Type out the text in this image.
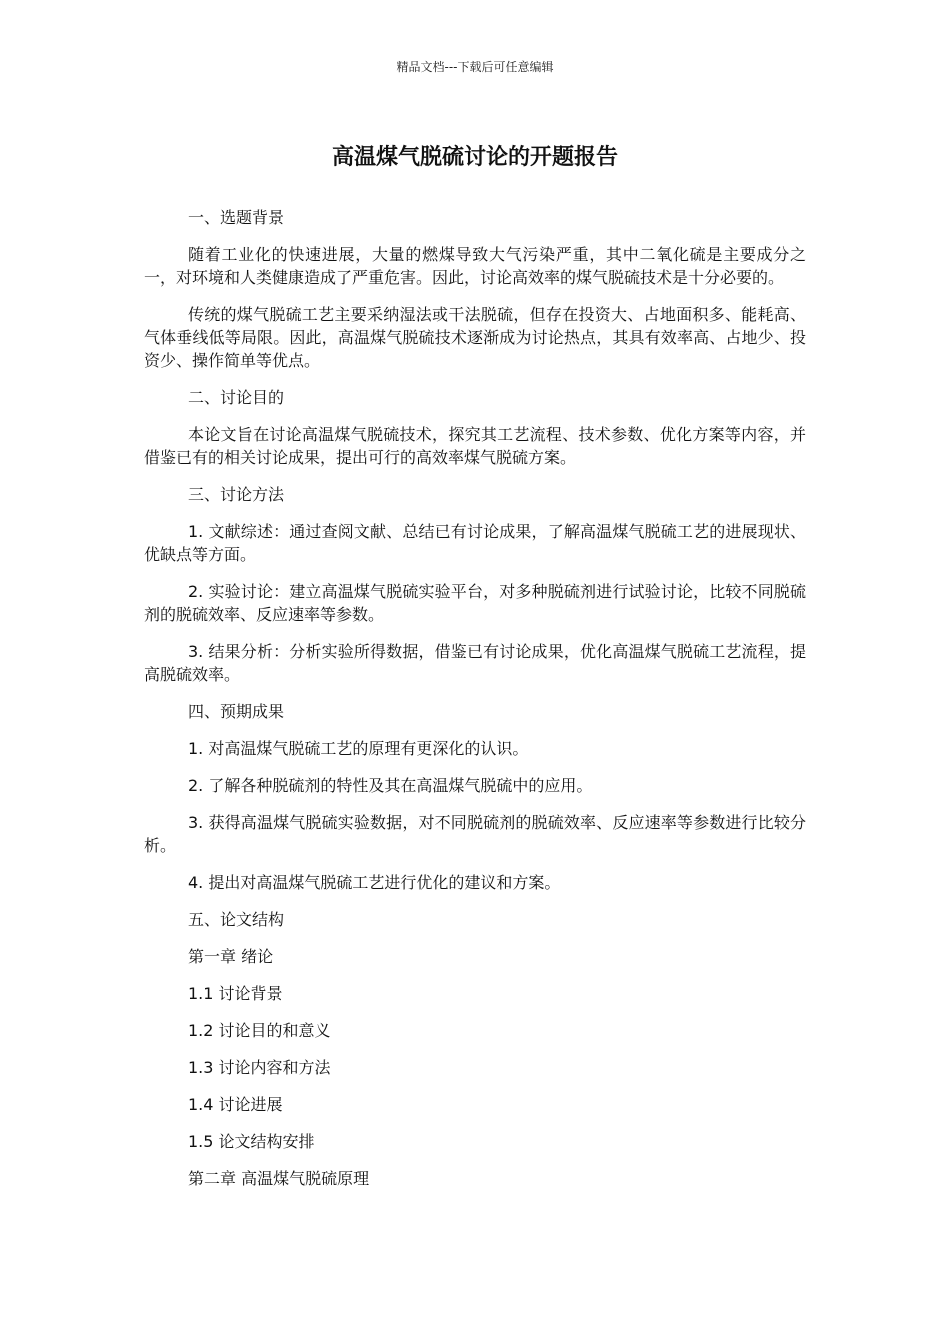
精品文档---下载后可任意编辑
高温煤气脱硫讨论的开题报告

一、选题背景

随着工业化的快速进展，大量的燃煤导致大气污染严重，其中二氧化硫是主要成分之一，对环境和人类健康造成了严重危害。因此，讨论高效率的煤气脱硫技术是十分必要的。

传统的煤气脱硫工艺主要采纳湿法或干法脱硫，但存在投资大、占地面积多、能耗高、气体垂线低等局限。因此，高温煤气脱硫技术逐渐成为讨论热点，其具有效率高、占地少、投资少、操作简单等优点。

二、讨论目的

本论文旨在讨论高温煤气脱硫技术，探究其工艺流程、技术参数、优化方案等内容，并借鉴已有的相关讨论成果，提出可行的高效率煤气脱硫方案。

三、讨论方法

1. 文献综述：通过查阅文献、总结已有讨论成果，了解高温煤气脱硫工艺的进展现状、优缺点等方面。

2. 实验讨论：建立高温煤气脱硫实验平台，对多种脱硫剂进行试验讨论，比较不同脱硫剂的脱硫效率、反应速率等参数。

3. 结果分析：分析实验所得数据，借鉴已有讨论成果，优化高温煤气脱硫工艺流程，提高脱硫效率。

四、预期成果

1. 对高温煤气脱硫工艺的原理有更深化的认识。

2. 了解各种脱硫剂的特性及其在高温煤气脱硫中的应用。

3. 获得高温煤气脱硫实验数据，对不同脱硫剂的脱硫效率、反应速率等参数进行比较分析。

4. 提出对高温煤气脱硫工艺进行优化的建议和方案。

五、论文结构

第一章 绪论

1.1 讨论背景

1.2 讨论目的和意义

1.3 讨论内容和方法

1.4 讨论进展

1.5 论文结构安排

第二章 高温煤气脱硫原理
